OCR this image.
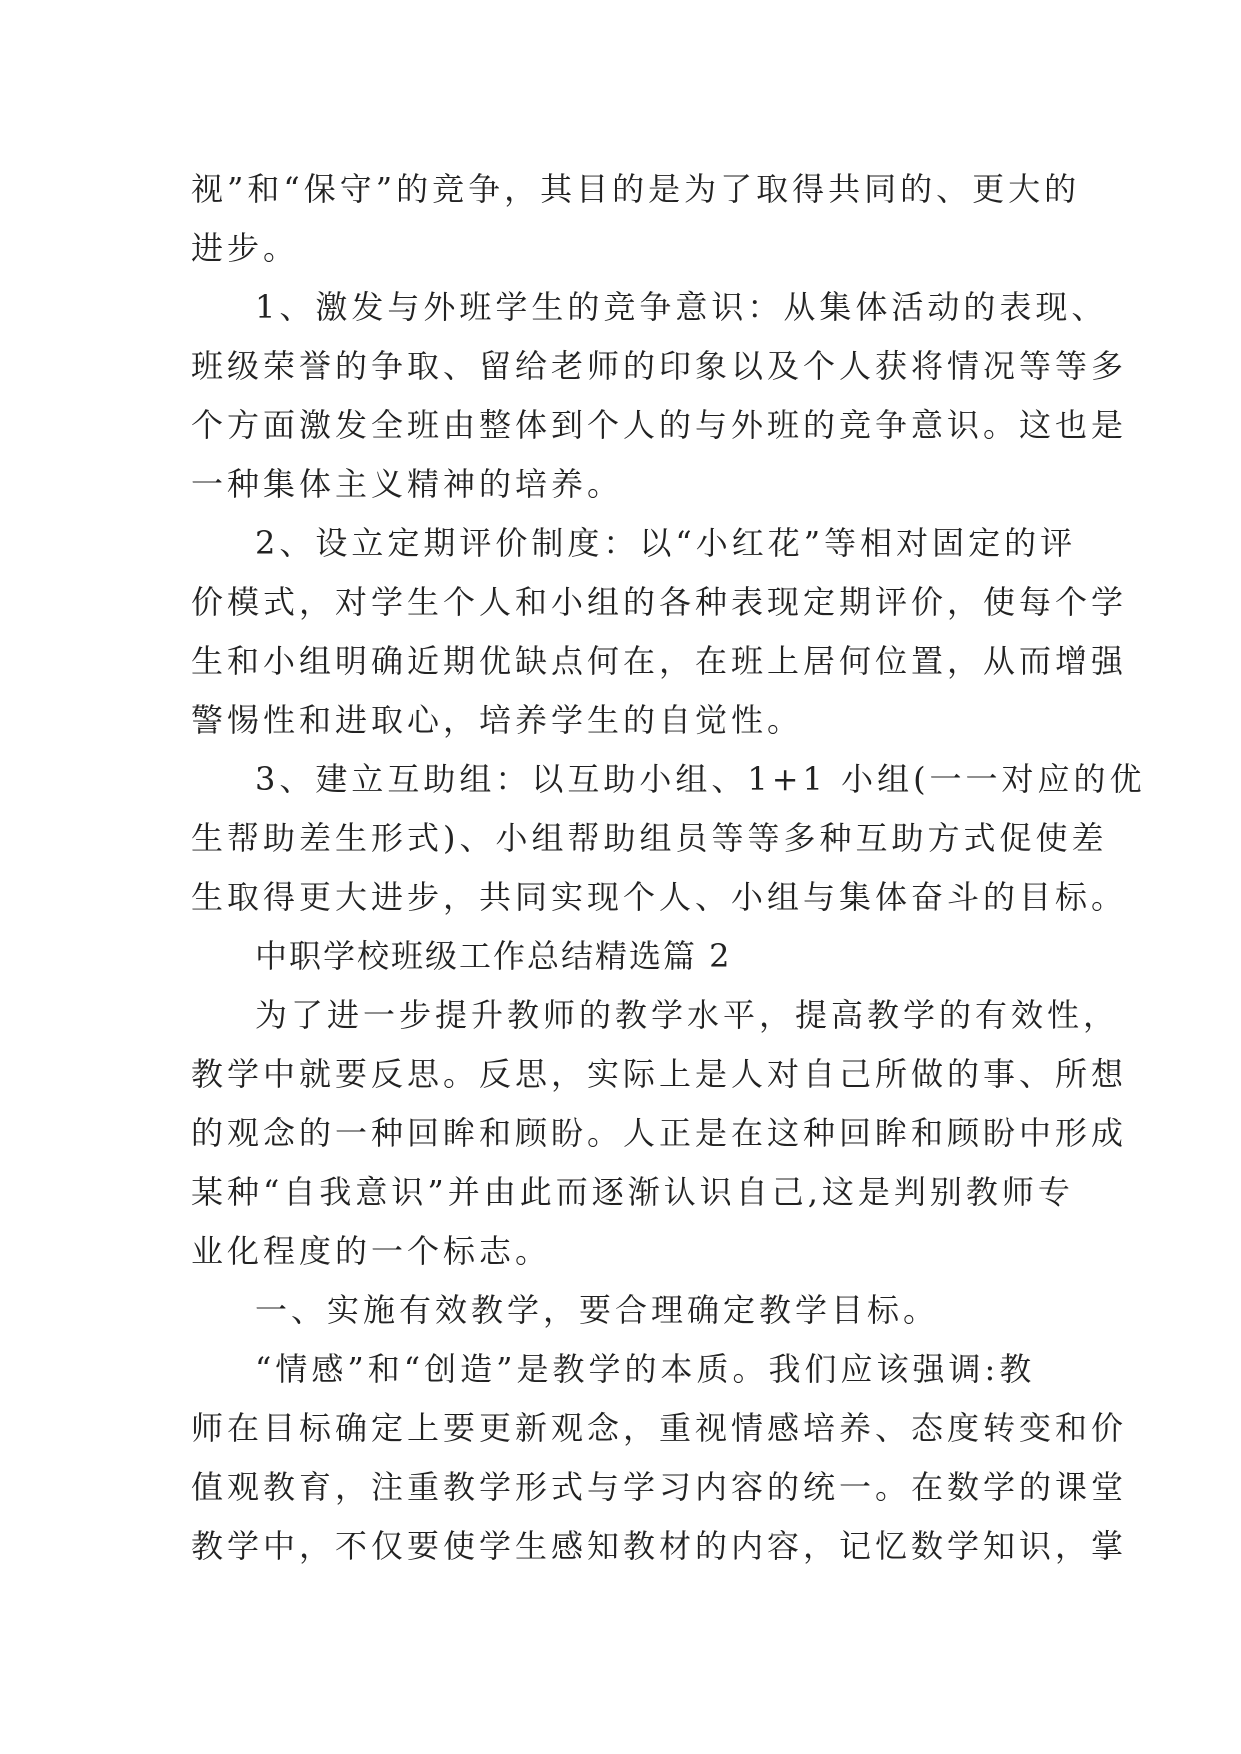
视”和“保守”的竞争，其目的是为了取得共同的、更大的
进步。
1、激发与外班学生的竞争意识：从集体活动的表现、
班级荣誉的争取、留给老师的印象以及个人获将情况等等多
个方面激发全班由整体到个人的与外班的竞争意识。这也是
一种集体主义精神的培养。
2、设立定期评价制度：以“小红花”等相对固定的评
价模式，对学生个人和小组的各种表现定期评价，使每个学
生和小组明确近期优缺点何在，在班上居何位置，从而增强
警惕性和进取心，培养学生的自觉性。
3、建立互助组：以互助小组、1+1 小组(一一对应的优
生帮助差生形式)、小组帮助组员等等多种互助方式促使差
生取得更大进步，共同实现个人、小组与集体奋斗的目标。
中职学校班级工作总结精选篇 2
为了进一步提升教师的教学水平，提高教学的有效性，
教学中就要反思。反思，实际上是人对自己所做的事、所想
的观念的一种回眸和顾盼。人正是在这种回眸和顾盼中形成
某种“自我意识”并由此而逐渐认识自己,这是判别教师专
业化程度的一个标志。
一、实施有效教学，要合理确定教学目标。
“情感”和“创造”是教学的本质。我们应该强调:教
师在目标确定上要更新观念，重视情感培养、态度转变和价
值观教育，注重教学形式与学习内容的统一。在数学的课堂
教学中，不仅要使学生感知教材的内容，记忆数学知识，掌
